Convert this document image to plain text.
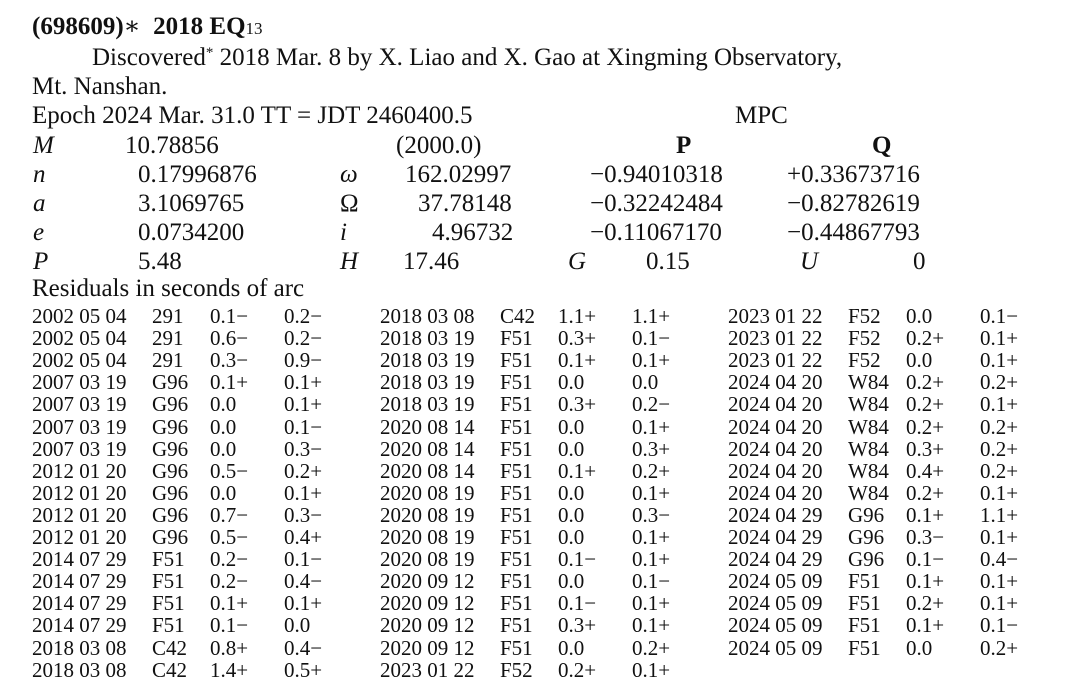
(698609)∗ 2018 EQ13
Discovered* 2018 Mar. 8 by X. Liao and X. Gao at Xingming Observatory,
Mt. Nanshan.
Epoch 2024 Mar. 31.0 TT = JDT 2460400.5	MPC
M	10.78856	(2000.0)	P	Q
n	0.17996876	ω 162.02997	−0.94010318	+0.33673716
a	3.1069765	Ω 37.78148	−0.32242484	−0.82782619
e	0.0734200	i	4.96732	−0.11067170	−0.44867793
P	5.48	H 17.46	G 0.15	U	0
Residuals in seconds of arc
2002 05 04 291 0.1− 0.2−
2002 05 04 291 0.6− 0.2−
2002 05 04 291 0.3− 0.9−
2007 03 19 G96 0.1+ 0.1+
2007 03 19 G96 0.0 0.1+
2007 03 19 G96 0.0 0.1−
2007 03 19 G96 0.0 0.3−
2012 01 20 G96 0.5− 0.2+
2012 01 20 G96 0.0 0.1+
2012 01 20 G96 0.7− 0.3−
2012 01 20 G96 0.5− 0.4+
2014 07 29 F51 0.2− 0.1−
2014 07 29 F51 0.2− 0.4−
2014 07 29 F51 0.1+ 0.1+
2014 07 29 F51 0.1− 0.0
2018 03 08 C42 0.8+ 0.4−
2018 03 08 C42 1.4+ 0.5+
2018 03 08 C42 1.1+ 1.1+
2018 03 19 F51 0.3+ 0.1−
2018 03 19 F51 0.1+ 0.1+
2018 03 19 F51 0.0 0.0
2018 03 19 F51 0.3+ 0.2−
2020 08 14 F51 0.0 0.1+
2020 08 14 F51 0.0 0.3+
2020 08 14 F51 0.1+ 0.2+
2020 08 19 F51 0.0 0.1+
2020 08 19 F51 0.0 0.3−
2020 08 19 F51 0.0 0.1+
2020 08 19 F51 0.1− 0.1+
2020 09 12 F51 0.0 0.1−
2020 09 12 F51 0.1− 0.1+
2020 09 12 F51 0.3+ 0.1+
2020 09 12 F51 0.0 0.2+
2023 01 22 F52 0.2+ 0.1+
2023 01 22 F52 0.0 0.1−
2023 01 22 F52 0.2+ 0.1+
2023 01 22 F52 0.0 0.1+
2024 04 20 W84 0.2+ 0.2+
2024 04 20 W84 0.2+ 0.1+
2024 04 20 W84 0.2+ 0.2+
2024 04 20 W84 0.3+ 0.2+
2024 04 20 W84 0.4+ 0.2+
2024 04 20 W84 0.2+ 0.1+
2024 04 29 G96 0.1+ 1.1+
2024 04 29 G96 0.3− 0.1+
2024 04 29 G96 0.1− 0.4−
2024 05 09 F51 0.1+ 0.1+
2024 05 09 F51 0.2+ 0.1+
2024 05 09 F51 0.1+ 0.1−
2024 05 09 F51 0.0 0.2+
